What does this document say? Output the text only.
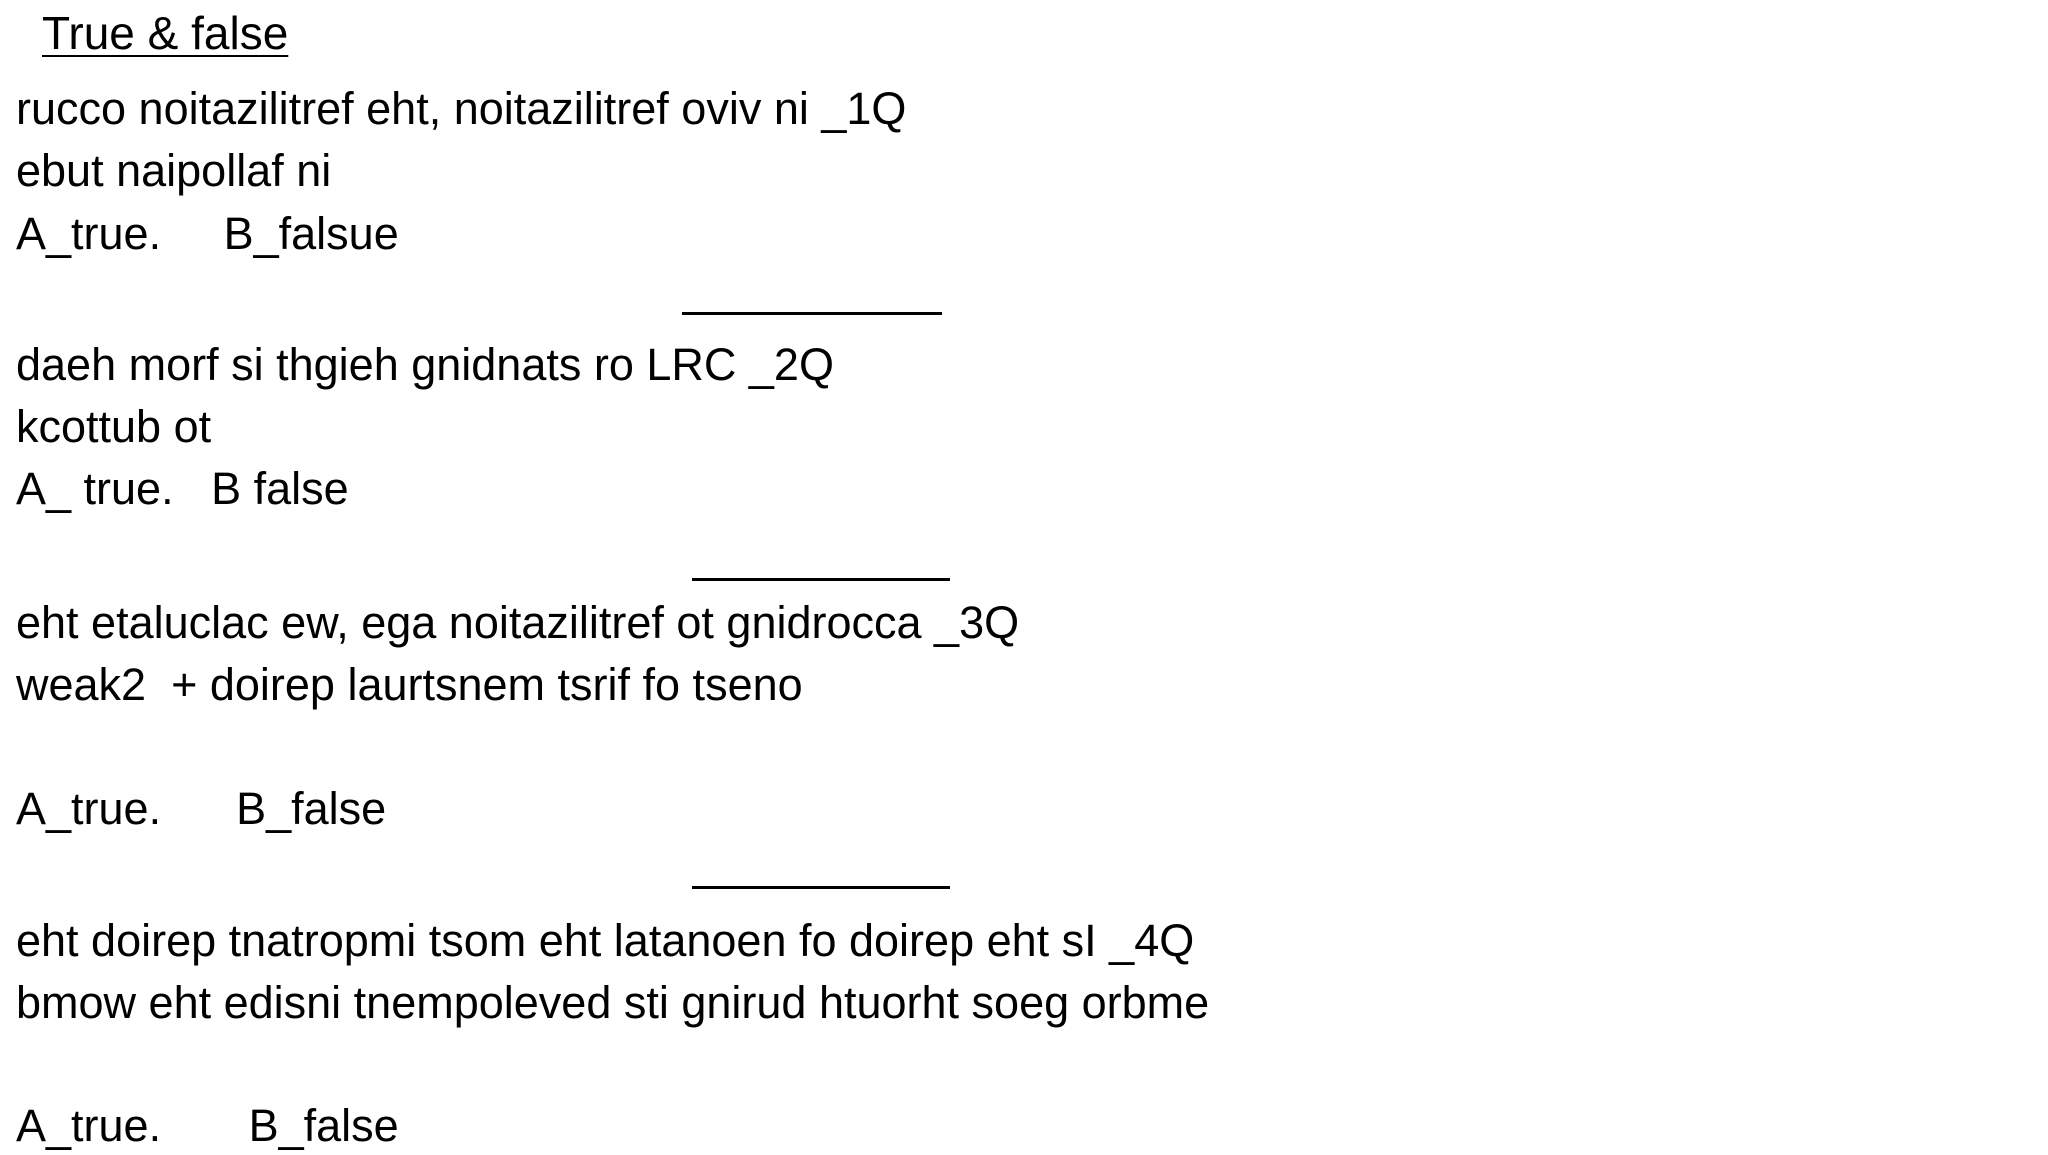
True & false
rucco noitazilitref eht, noitazilitref oviv ni _1Q
ebut naipollaf ni
A_true.     B_falsue
daeh morf si thgieh gnidnats ro LRC _2Q
kcottub ot
A_ true.   B false
eht etaluclac ew, ega noitazilitref ot gnidrocca _3Q
weak2  + doirep laurtsnem tsrif fo tseno
A_true.      B_false
eht doirep tnatropmi tsom eht latanoen fo doirep eht sI _4Q
bmow eht edisni tnempoleved sti gnirud htuorht soeg orbme
A_true.       B_false
